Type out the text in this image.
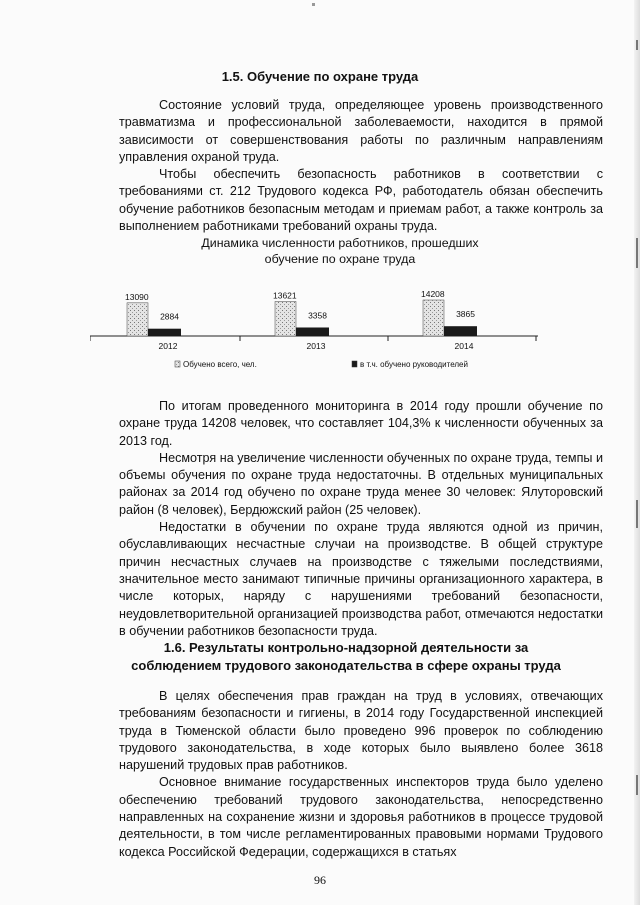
1.5. Обучение по охране труда

Состояние условий труда, определяющее уровень производственного травматизма и профессиональной заболеваемости, находится в прямой зависимости от совершенствования работы по различным направлениям управления охраной труда.

Чтобы обеспечить безопасность работников в соответствии с требованиями ст. 212 Трудового кодекса РФ, работодатель обязан обеспечить обучение работников безопасным методам и приемам работ, а также контроль за выполнением работниками требований охраны труда.

Динамика численности работников, прошедших обучение по охране труда
2012
13090
2884
2013
13621
3358
2014
14208
3865
Обучено всего, чел.	в т.ч. обучено руководителей

По итогам проведенного мониторинга в 2014 году прошли обучение по охране труда 14208 человек, что составляет 104,3% к численности обученных за 2013 год.

Несмотря на увеличение численности обученных по охране труда, темпы и объемы обучения по охране труда недостаточны. В отдельных муниципальных районах за 2014 год обучено по охране труда менее 30 человек: Ялуторовский район (8 человек), Бердюжский район (25 человек).

Недостатки в обучении по охране труда являются одной из причин, обуславливающих несчастные случаи на производстве. В общей структуре причин несчастных случаев на производстве с тяжелыми последствиями, значительное место занимают типичные причины организационного характера, в числе которых, наряду с нарушениями требований безопасности, неудовлетворительной организацией производства работ, отмечаются недостатки в обучении работников безопасности труда.

1.6. Результаты контрольно-надзорной деятельности за
соблюдением трудового законодательства в сфере охраны труда

В целях обеспечения прав граждан на труд в условиях, отвечающих требованиям безопасности и гигиены, в 2014 году Государственной инспекцией труда в Тюменской области было проведено 996 проверок по соблюдению трудового законодательства, в ходе которых было выявлено более 3618 нарушений трудовых прав работников.

Основное внимание государственных инспекторов труда было уделено обеспечению требований трудового законодательства, непосредственно направленных на сохранение жизни и здоровья работников в процессе трудовой деятельности, в том числе регламентированных правовыми нормами Трудового кодекса Российской Федерации, содержащихся в статьях

96
